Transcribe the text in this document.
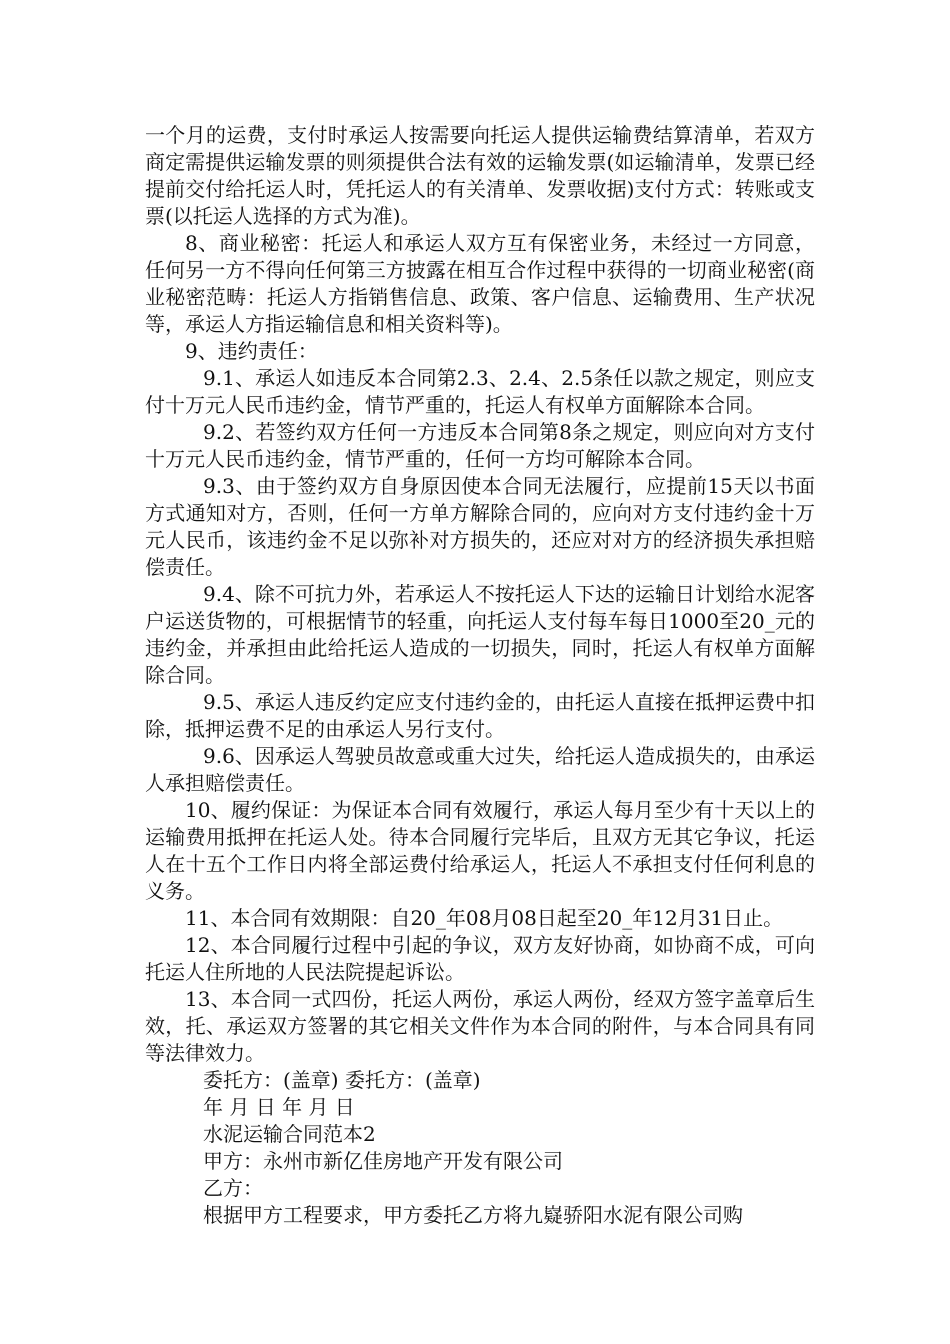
一个月的运费，支付时承运人按需要向托运人提供运输费结算清单，若双方商定需提供运输发票的则须提供合法有效的运输发票(如运输清单，发票已经提前交付给托运人时，凭托运人的有关清单、发票收据)支付方式：转账或支票(以托运人选择的方式为准)。

8、商业秘密：托运人和承运人双方互有保密业务，未经过一方同意，任何另一方不得向任何第三方披露在相互合作过程中获得的一切商业秘密(商业秘密范畴：托运人方指销售信息、政策、客户信息、运输费用、生产状况等，承运人方指运输信息和相关资料等)。

9、违约责任：

9.1、承运人如违反本合同第2.3、2.4、2.5条任以款之规定，则应支付十万元人民币违约金，情节严重的，托运人有权单方面解除本合同。

9.2、若签约双方任何一方违反本合同第8条之规定，则应向对方支付十万元人民币违约金，情节严重的，任何一方均可解除本合同。

9.3、由于签约双方自身原因使本合同无法履行，应提前15天以书面方式通知对方，否则，任何一方单方解除合同的，应向对方支付违约金十万元人民币，该违约金不足以弥补对方损失的，还应对对方的经济损失承担赔偿责任。

9.4、除不可抗力外，若承运人不按托运人下达的运输日计划给水泥客户运送货物的，可根据情节的轻重，向托运人支付每车每日1000至20_元的违约金，并承担由此给托运人造成的一切损失，同时，托运人有权单方面解除合同。

9.5、承运人违反约定应支付违约金的，由托运人直接在抵押运费中扣除，抵押运费不足的由承运人另行支付。

9.6、因承运人驾驶员故意或重大过失，给托运人造成损失的，由承运人承担赔偿责任。

10、履约保证：为保证本合同有效履行，承运人每月至少有十天以上的运输费用抵押在托运人处。待本合同履行完毕后，且双方无其它争议，托运人在十五个工作日内将全部运费付给承运人，托运人不承担支付任何利息的义务。

11、本合同有效期限：自20_年08月08日起至20_年12月31日止。

12、本合同履行过程中引起的争议，双方友好协商，如协商不成，可向托运人住所地的人民法院提起诉讼。

13、本合同一式四份，托运人两份，承运人两份，经双方签字盖章后生效，托、承运双方签署的其它相关文件作为本合同的附件，与本合同具有同等法律效力。

委托方：(盖章) 委托方：(盖章)

年 月 日 年 月 日

水泥运输合同范本2

甲方：永州市新亿佳房地产开发有限公司

乙方：

根据甲方工程要求，甲方委托乙方将九嶷骄阳水泥有限公司购
